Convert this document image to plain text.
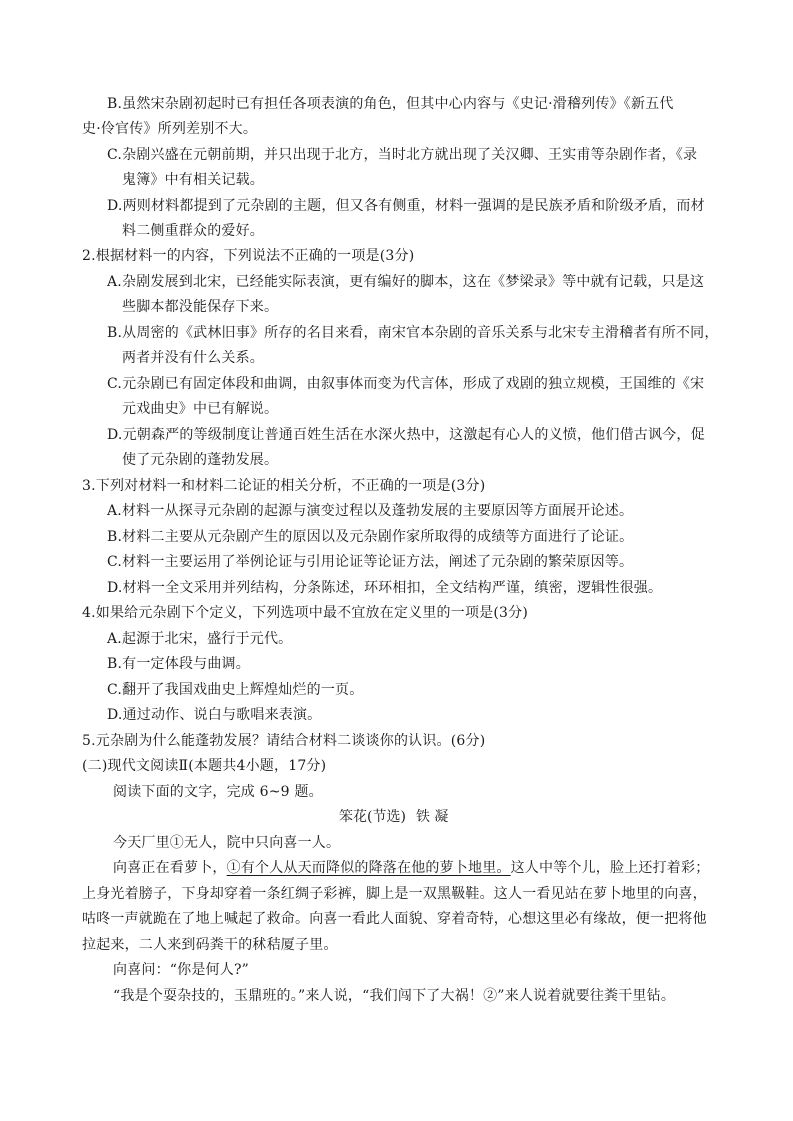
B.虽然宋杂剧初起时已有担任各项表演的角色，但其中心内容与《史记·滑稽列传》《新五代
史·伶官传》所列差别不大。
C.杂剧兴盛在元朝前期，并只出现于北方，当时北方就出现了关汉卿、王实甫等杂剧作者，《录
鬼簿》中有相关记载。
D.两则材料都提到了元杂剧的主题，但又各有侧重，材料一强调的是民族矛盾和阶级矛盾，而材
料二侧重群众的爱好。
2.根据材料一的内容，下列说法不正确的一项是(3分)
A.杂剧发展到北宋，已经能实际表演，更有编好的脚本，这在《梦梁录》等中就有记载，只是这
些脚本都没能保存下来。
B.从周密的《武林旧事》所存的名目来看，南宋官本杂剧的音乐关系与北宋专主滑稽者有所不同，
两者并没有什么关系。
C.元杂剧已有固定体段和曲调，由叙事体而变为代言体，形成了戏剧的独立规模，王国维的《宋
元戏曲史》中已有解说。
D.元朝森严的等级制度让普通百姓生活在水深火热中，这激起有心人的义愤，他们借古讽今，促
使了元杂剧的蓬勃发展。
3.下列对材料一和材料二论证的相关分析，不正确的一项是(3分)
A.材料一从探寻元杂剧的起源与演变过程以及蓬勃发展的主要原因等方面展开论述。
B.材料二主要从元杂剧产生的原因以及元杂剧作家所取得的成绩等方面进行了论证。
C.材料一主要运用了举例论证与引用论证等论证方法，阐述了元杂剧的繁荣原因等。
D.材料一全文采用并列结构，分条陈述，环环相扣，全文结构严谨，缜密，逻辑性很强。
4.如果给元杂剧下个定义，下列选项中最不宜放在定义里的一项是(3分)
A.起源于北宋，盛行于元代。
B.有一定体段与曲调。
C.翻开了我国戏曲史上辉煌灿烂的一页。
D.通过动作、说白与歌唱来表演。
5.元杂剧为什么能蓬勃发展？请结合材料二谈谈你的认识。(6分)
(二)现代文阅读Ⅱ(本题共4小题，17分)
阅读下面的文字，完成 6~9 题。
笨花(节选) 铁 凝
今天厂里①无人，院中只向喜一人。
向喜正在看萝卜，①有个人从天而降似的降落在他的萝卜地里。这人中等个儿，脸上还打着彩；
上身光着膀子，下身却穿着一条红绸子彩裤，脚上是一双黑靸鞋。这人一看见站在萝卜地里的向喜，
咕咚一声就跪在了地上喊起了救命。向喜一看此人面貌、穿着奇特，心想这里必有缘故，便一把将他
拉起来，二人来到码粪干的秫秸厦子里。
向喜问：“你是何人?”
“我是个耍杂技的，玉鼎班的。”来人说，“我们闯下了大祸！②”来人说着就要往粪干里钻。
